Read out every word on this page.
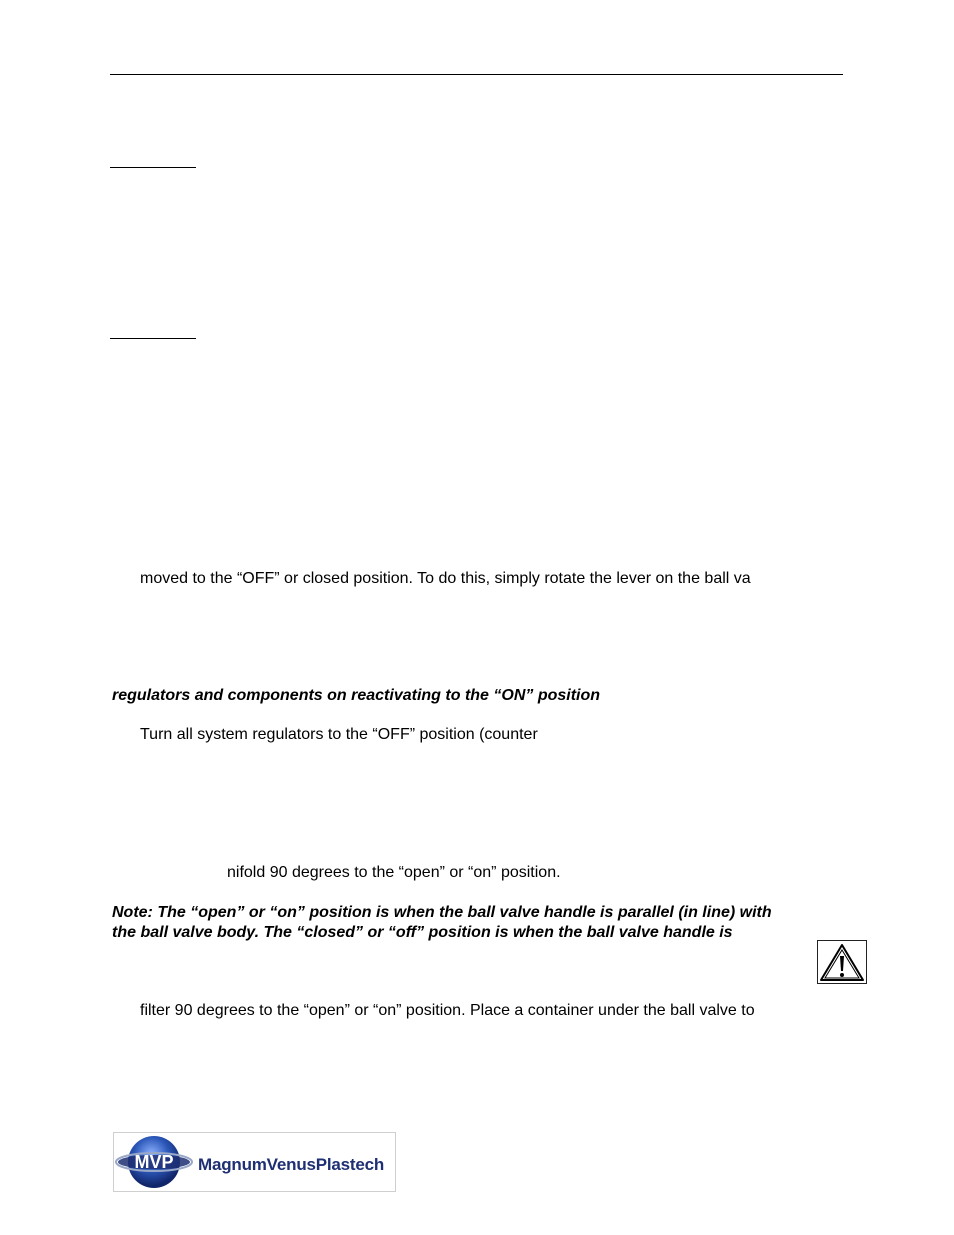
moved to the “OFF” or closed position. To do this, simply rotate the lever on the ball va
regulators and components on reactivating to the “ON” position
Turn all system regulators to the “OFF” position (counter
nifold 90 degrees to the “open” or “on” position.
Note: The “open” or “on” position is when the ball valve handle is parallel (in line) with
the ball valve body. The “closed” or “off” position is when the ball valve handle is
filter 90 degrees to the “open” or “on” position. Place a container under the ball valve to
MVP MagnumVenusPlastech
